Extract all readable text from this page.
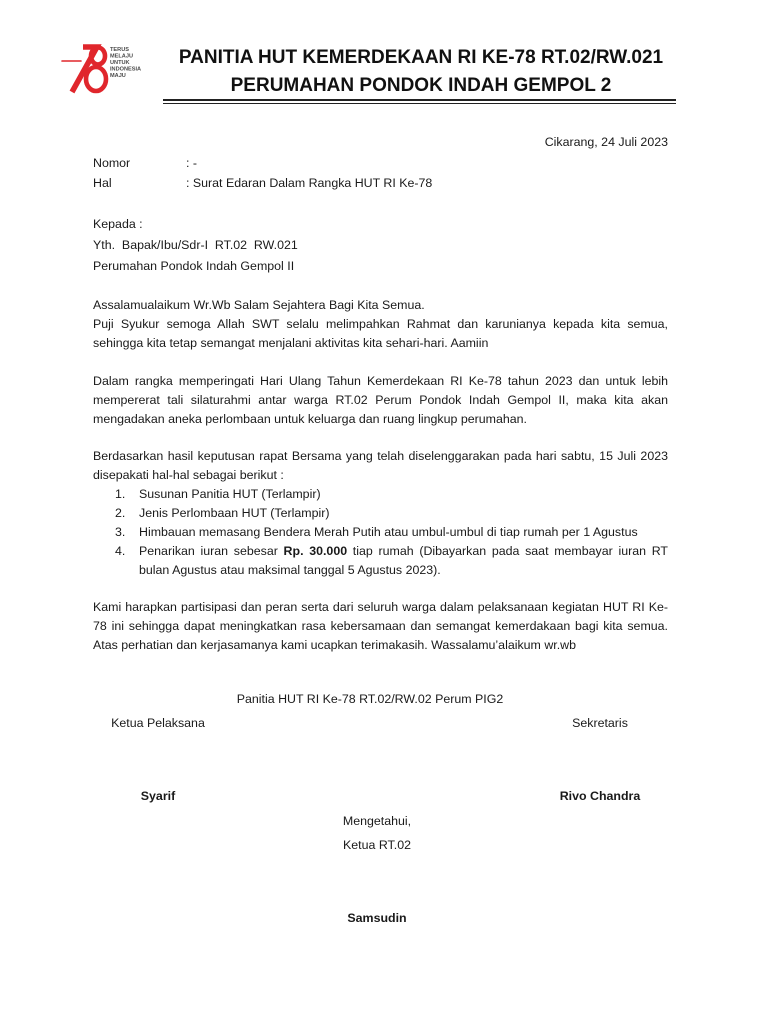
TERUS
MELAJU
UNTUK
INDONESIA
MAJU
PANITIA HUT KEMERDEKAAN RI KE-78 RT.02/RW.021
PERUMAHAN PONDOK INDAH GEMPOL 2
Cikarang, 24 Juli 2023
Nomor	: -
Hal	: Surat Edaran Dalam Rangka HUT RI Ke-78
Kepada :
Yth.  Bapak/Ibu/Sdr-I  RT.02  RW.021
Perumahan Pondok Indah Gempol II
Assalamualaikum Wr.Wb Salam Sejahtera Bagi Kita Semua.
Puji Syukur semoga Allah SWT selalu melimpahkan Rahmat dan karunianya kepada kita semua,
sehingga kita tetap semangat menjalani aktivitas kita sehari-hari. Aamiin
Dalam rangka memperingati Hari Ulang Tahun Kemerdekaan RI Ke-78 tahun 2023 dan untuk lebih
mempererat tali silaturahmi antar warga RT.02 Perum Pondok Indah Gempol II, maka kita akan
mengadakan aneka perlombaan untuk keluarga dan ruang lingkup perumahan.
Berdasarkan hasil keputusan rapat Bersama yang telah diselenggarakan pada hari sabtu, 15 Juli 2023
disepakati hal-hal sebagai berikut :
1. Susunan Panitia HUT (Terlampir)
2. Jenis Perlombaan HUT (Terlampir)
3. Himbauan memasang Bendera Merah Putih atau umbul-umbul di tiap rumah per 1 Agustus
4. Penarikan iuran sebesar Rp. 30.000 tiap rumah (Dibayarkan pada saat membayar iuran RT
bulan Agustus atau maksimal tanggal 5 Agustus 2023).
Kami harapkan partisipasi dan peran serta dari seluruh warga dalam pelaksanaan kegiatan HUT RI Ke-
78 ini sehingga dapat meningkatkan rasa kebersamaan dan semangat kemerdakaan bagi kita semua.
Atas perhatian dan kerjasamanya kami ucapkan terimakasih. Wassalamu’alaikum wr.wb
Panitia HUT RI Ke-78 RT.02/RW.02 Perum PIG2
Ketua Pelaksana	Sekretaris
Syarif	Rivo Chandra
Mengetahui,
Ketua RT.02
Samsudin
